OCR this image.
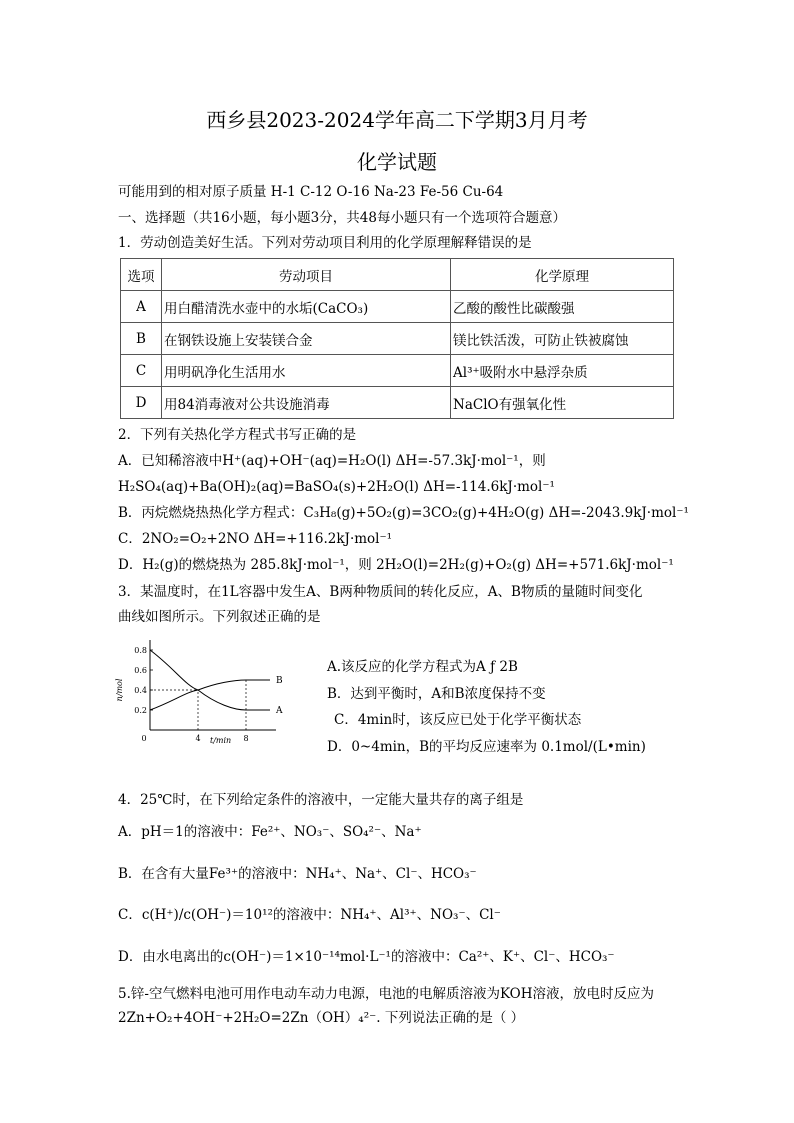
西乡县2023-2024学年高二下学期3月月考
化学试题
可能用到的相对原子质量 H-1 C-12 O-16 Na-23 Fe-56 Cu-64
一、选择题（共16小题，每小题3分，共48每小题只有一个选项符合题意）
1．劳动创造美好生活。下列对劳动项目利用的化学原理解释错误的是
选项	劳动项目	化学原理
A	用白醋清洗水壶中的水垢(CaCO₃)	乙酸的酸性比碳酸强
B	在钢铁设施上安装镁合金	镁比铁活泼，可防止铁被腐蚀
C	用明矾净化生活用水	Al³⁺吸附水中悬浮杂质
D	用84消毒液对公共设施消毒	NaClO有强氧化性
2．下列有关热化学方程式书写正确的是
A．已知稀溶液中H⁺(aq)+OH⁻(aq)=H₂O(l) ΔH=-57.3kJ·mol⁻¹，则
H₂SO₄(aq)+Ba(OH)₂(aq)=BaSO₄(s)+2H₂O(l) ΔH=-114.6kJ·mol⁻¹
B．丙烷燃烧热热化学方程式：C₃H₈(g)+5O₂(g)=3CO₂(g)+4H₂O(g) ΔH=-2043.9kJ·mol⁻¹
C．2NO₂=O₂+2NO ΔH=+116.2kJ·mol⁻¹
D．H₂(g)的燃烧热为 285.8kJ·mol⁻¹，则 2H₂O(l)=2H₂(g)+O₂(g) ΔH=+571.6kJ·mol⁻¹
3．某温度时，在1L容器中发生A、B两种物质间的转化反应，A、B物质的量随时间变化
曲线如图所示。下列叙述正确的是
0.2
0.4
0.6
0.8
0	4	8
t/min
n/mol
A
B
A.该反应的化学方程式为A ƒ 2B
B．达到平衡时，A和B浓度保持不变
C．4min时，该反应已处于化学平衡状态
D．0~4min，B的平均反应速率为 0.1mol/(L•min)
4．25℃时，在下列给定条件的溶液中，一定能大量共存的离子组是
A．pH＝1的溶液中：Fe²⁺、NO₃⁻、SO₄²⁻、Na⁺
B．在含有大量Fe³⁺的溶液中：NH₄⁺、Na⁺、Cl⁻、HCO₃⁻
C．c(H⁺)/c(OH⁻)＝10¹²的溶液中：NH₄⁺、Al³⁺、NO₃⁻、Cl⁻
D．由水电离出的c(OH⁻)＝1×10⁻¹⁴mol·L⁻¹的溶液中：Ca²⁺、K⁺、Cl⁻、HCO₃⁻
5.锌-空气燃料电池可用作电动车动力电源，电池的电解质溶液为KOH溶液，放电时反应为
2Zn+O₂+4OH⁻+2H₂O=2Zn（OH）₄²⁻. 下列说法正确的是（ ）
